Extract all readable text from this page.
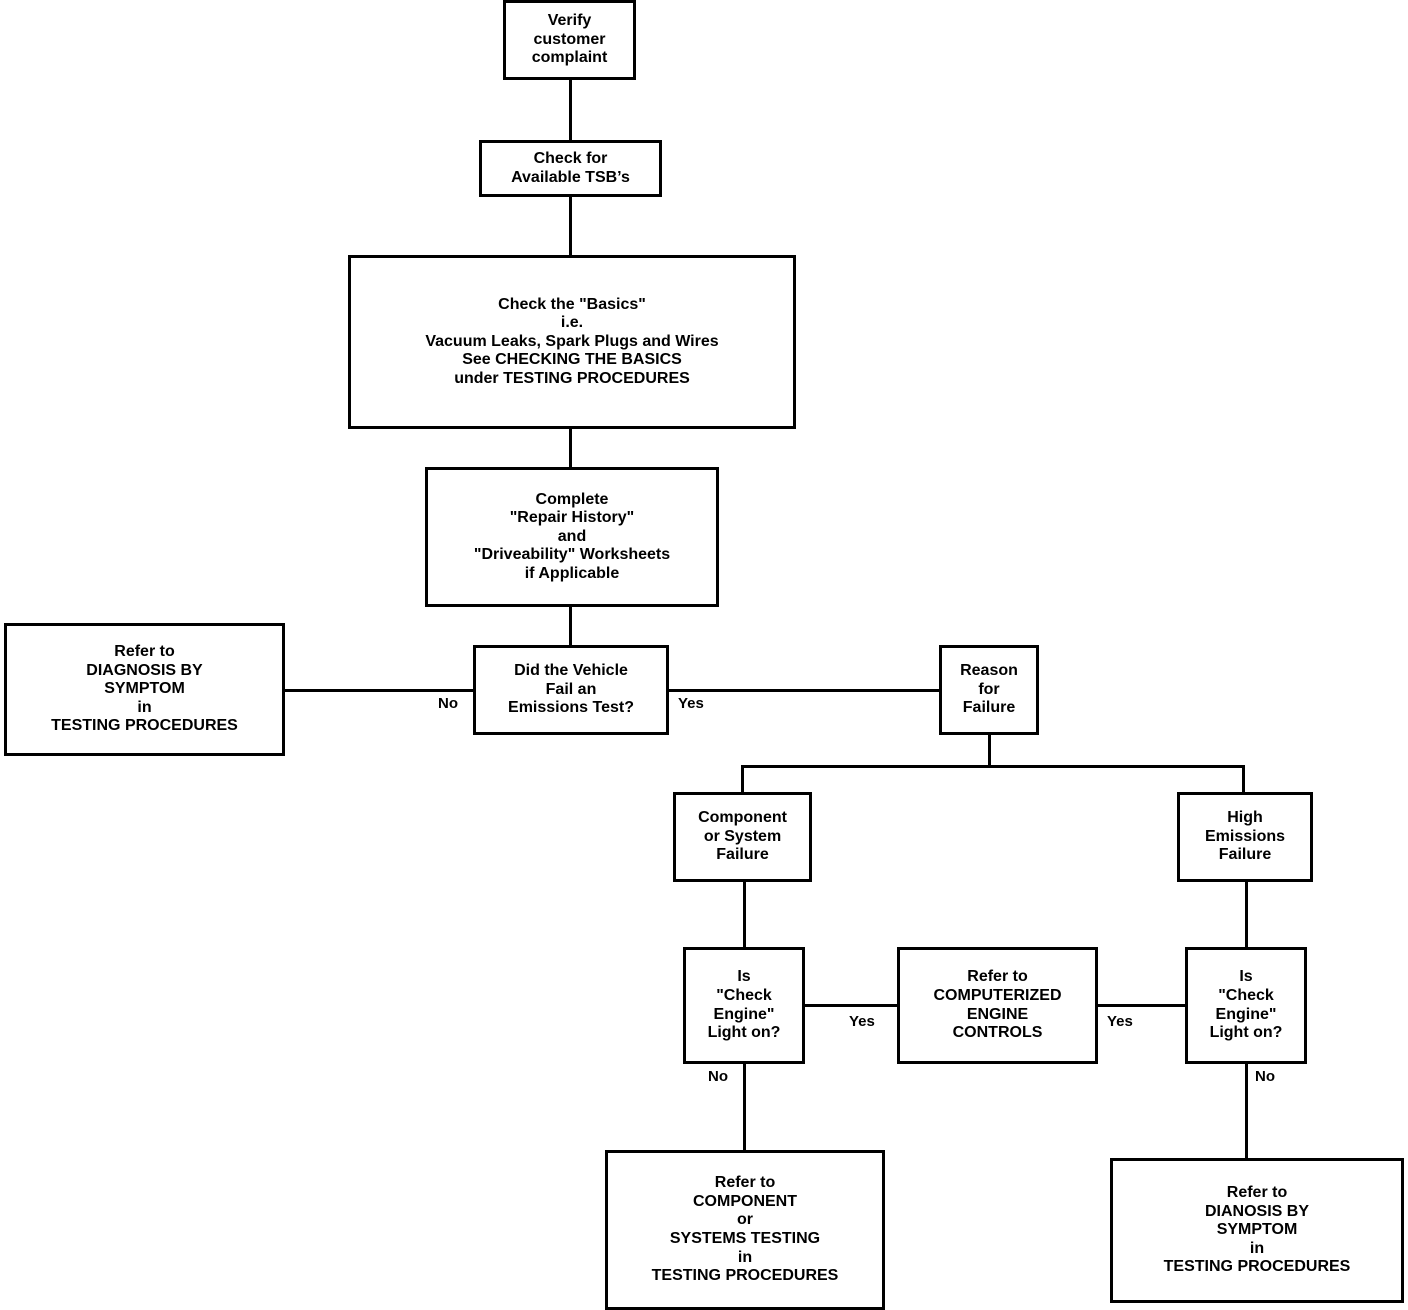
Verify
customer
complaint
Check for
Available TSB’s
Check the "Basics"
i.e.
Vacuum Leaks, Spark Plugs and Wires
See CHECKING THE BASICS
under TESTING PROCEDURES
Complete
"Repair History"
and
"Driveability" Worksheets
if Applicable
Did the Vehicle
Fail an
Emissions Test?
Refer to
DIAGNOSIS BY
SYMPTOM
in
TESTING PROCEDURES
Reason
for
Failure
Component
or System
Failure
High
Emissions
Failure
Is
"Check
Engine"
Light on?
Is
"Check
Engine"
Light on?
Refer to
COMPUTERIZED
ENGINE
CONTROLS
Refer to
COMPONENT
or
SYSTEMS TESTING
in
TESTING PROCEDURES
Refer to
DIANOSIS BY
SYMPTOM
in
TESTING PROCEDURES
No	Yes
Yes	Yes
No	No
